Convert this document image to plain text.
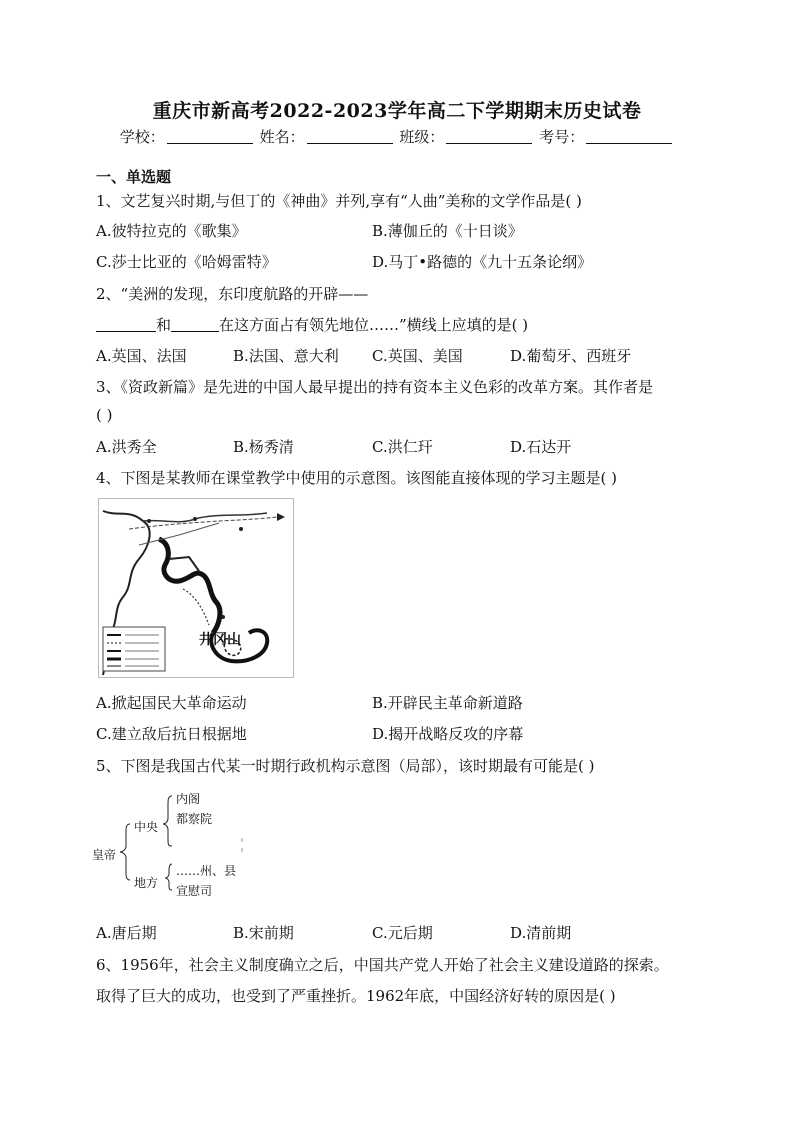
重庆市新高考2022-2023学年高二下学期期末历史试卷
学校：	姓名：	班级：	考号：
一、单选题
1、文艺复兴时期,与但丁的《神曲》并列,享有“人曲”美称的文学作品是( )
A.彼特拉克的《歌集》	B.薄伽丘的《十日谈》
C.莎士比亚的《哈姆雷特》	D.马丁•路德的《九十五条论纲》
2、“美洲的发现，东印度航路的开辟——
和	在这方面占有领先地位……”横线上应填的是( )
A.英国、法国	B.法国、意大利 C.英国、美国	D.葡萄牙、西班牙
3、《资政新篇》是先进的中国人最早提出的持有资本主义色彩的改革方案。其作者是
( )
A.洪秀全	B.杨秀清	C.洪仁玕	D.石达开
4、下图是某教师在课堂教学中使用的示意图。该图能直接体现的学习主题是( )
井冈山
A.掀起国民大革命运动	B.开辟民主革命新道路
C.建立敌后抗日根据地	D.揭开战略反攻的序幕
5、下图是我国古代某一时期行政机构示意图（局部），该时期最有可能是( )
皇帝
中央
地方
内阁
都察院
……州、县
宣慰司
A.唐后期	B.宋前期	C.元后期	D.清前期
6、1956年，社会主义制度确立之后，中国共产党人开始了社会主义建设道路的探索。
取得了巨大的成功，也受到了严重挫折。1962年底，中国经济好转的原因是( )
